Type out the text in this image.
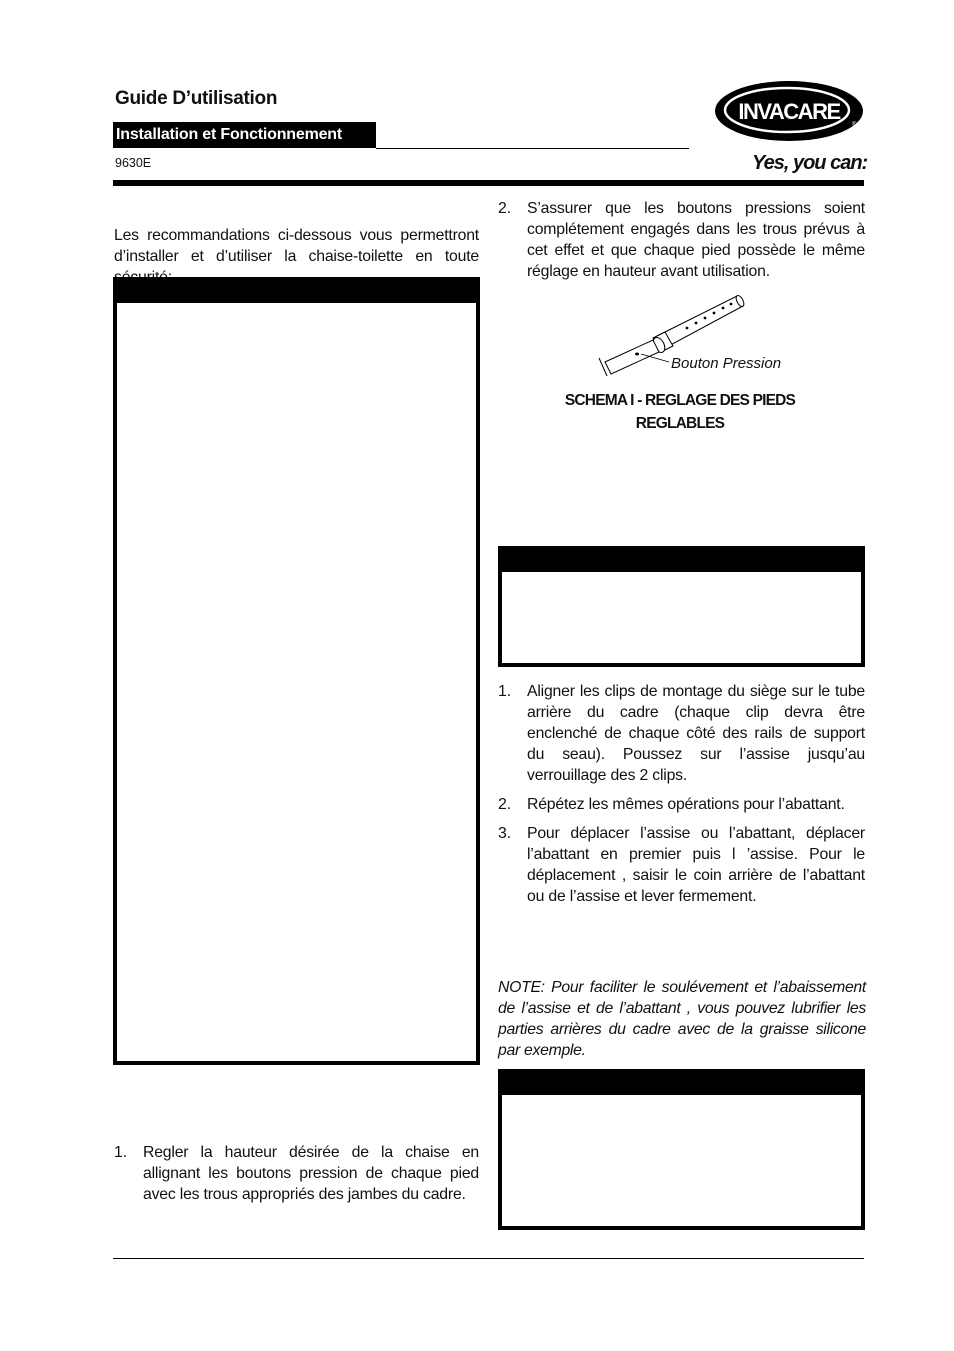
Guide D’utilisation
Installation et Fonctionnement
9630E
INVACARE
®
Yes, you can:

Les recommandations ci-dessous vous permettront d’installer et d’utiliser la chaise-toilette en toute

1.	Regler la hauteur désirée de la chaise en allignant les boutons pression de chaque pied avec les trous appropriés des jambes du cadre.
2.	S’assurer que les boutons pressions soient complétement engagés dans les trous prévus à cet effet et que chaque pied possède le même réglage en hauteur avant utilisation.
Bouton Pression
SCHEMA I - REGLAGE DES PIEDS REGLABLES
1.	Aligner les clips de montage du siège sur le tube arrière du cadre (chaque clip devra être enclenché de chaque côté des rails de support du seau). Poussez sur l’assise jusqu’au verrouillage des 2 clips.
2.	Répétez les mêmes opérations pour l’abattant.
3.	Pour déplacer l’assise ou l’abattant, déplacer l’abattant en premier puis l ’assise. Pour le déplacement , saisir le coin arrière de l’abattant ou de l’assise et lever fermement.

NOTE: Pour faciliter le soulévement et l’abaissement de l’assise et de l’abattant , vous pouvez lubrifier les parties arrières du cadre avec de la graisse silicone par exemple.
